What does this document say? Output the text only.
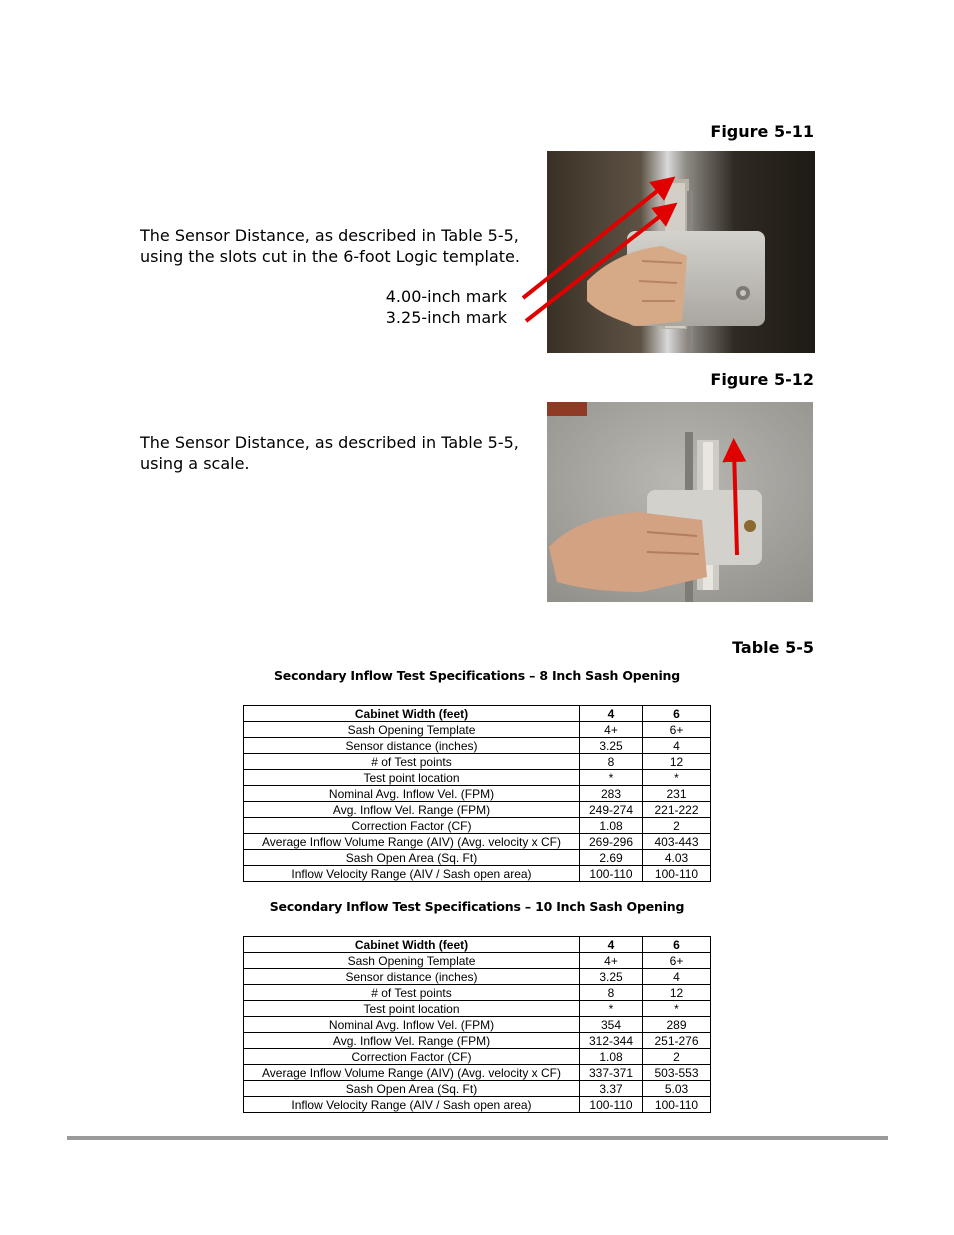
Figure 5-11
The Sensor Distance, as described in Table 5-5,
using the slots cut in the 6-foot Logic template.
4.00-inch mark
3.25-inch mark
Figure 5-12
The Sensor Distance, as described in Table 5-5,
using a scale.
Table 5-5
Secondary Inflow Test Specifications – 8 Inch Sash Opening
Cabinet Width (feet)	4	6
Sash Opening Template	4+	6+
Sensor distance (inches)	3.25	4
# of Test points	8	12
Test point location	*	*
Nominal Avg. Inflow Vel. (FPM)	283	231
Avg. Inflow Vel. Range (FPM)	249-274	221-222
Correction Factor (CF)	1.08	2
Average Inflow Volume Range (AIV) (Avg. velocity x CF)	269-296	403-443
Sash Open Area (Sq. Ft)	2.69	4.03
Inflow Velocity Range (AIV / Sash open area)	100-110	100-110
Secondary Inflow Test Specifications – 10 Inch Sash Opening
Cabinet Width (feet)	4	6
Sash Opening Template	4+	6+
Sensor distance (inches)	3.25	4
# of Test points	8	12
Test point location	*	*
Nominal Avg. Inflow Vel. (FPM)	354	289
Avg. Inflow Vel. Range (FPM)	312-344	251-276
Correction Factor (CF)	1.08	2
Average Inflow Volume Range (AIV) (Avg. velocity x CF)	337-371	503-553
Sash Open Area (Sq. Ft)	3.37	5.03
Inflow Velocity Range (AIV / Sash open area)	100-110	100-110
